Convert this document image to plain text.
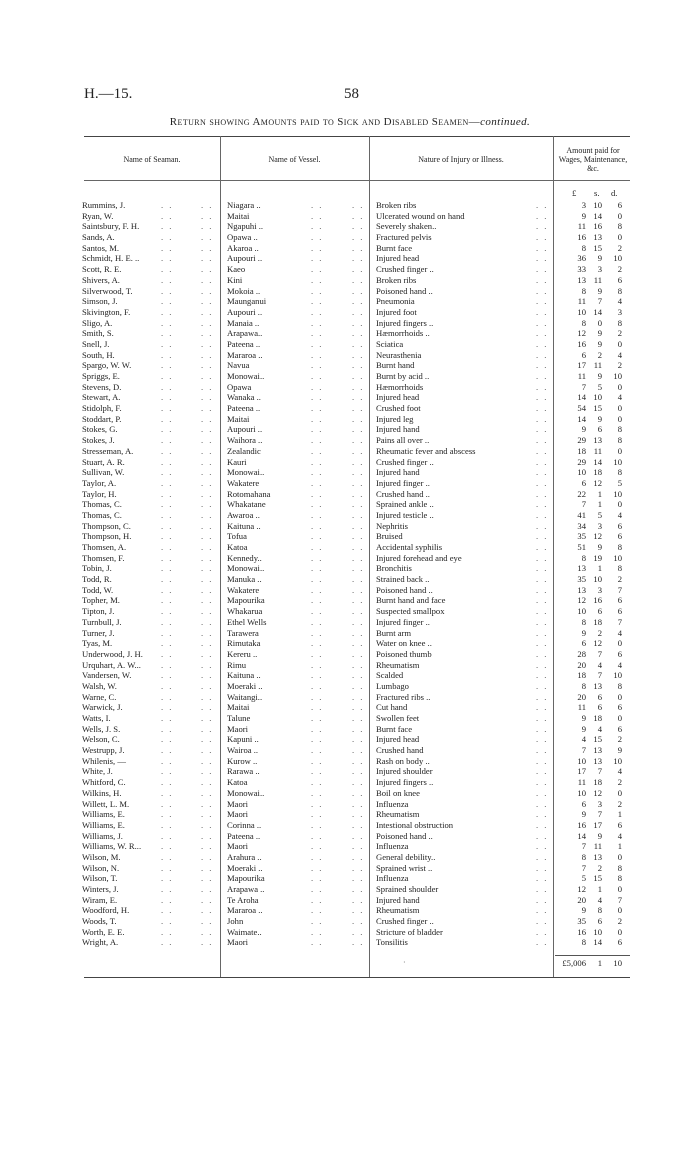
H.—15.	58
Return showing Amounts paid to Sick and Disabled Seamen—continued.
Name of Seaman.	Name of Vessel.	Nature of Injury or Illness.
Amount paid for Wages, Maintenance, &c.
£ s. d.
Rummins, J.	. .	. . Niagara ..	. .	. . Broken ribs	. .	3 10	6
Ryan, W.	. .	. . Maitai	. .	. . Ulcerated wound on hand	. .	9 14	0
Saintsbury, F. H.	. .	. . Ngapuhi ..	. .	. . Severely shaken..	. .	11 16	8
Sands, A.	. .	. . Opawa ..	. .	. . Fractured pelvis	. .	16 13	0
Santos, M.	. .	. . Akaroa ..	. .	. . Burnt face	. .	8 15	2
Schmidt, H. E. ..	. .	. . Aupouri ..	. .	. . Injured head	. .	36	9	10
Scott, R. E.	. .	. . Kaeo	. .	. . Crushed finger ..	. .	33	3	2
Shivers, A.	. .	. . Kini	. .	. . Broken ribs	. .	13 11	6
Silverwood, T.	. .	. . Mokoia ..	. .	. . Poisoned hand ..	. .	8	9	8
Simson, J.	. .	. . Maunganui	. .	. . Pneumonia	. .	11	7	4
Skivington, F.	. .	. . Aupouri ..	. .	. . Injured foot	. .	10 14	3
Sligo, A.	. .	. . Manaia ..	. .	. . Injured fingers ..	. .	8	0	8
Smith, S.	. .	. . Arapawa..	. .	. . Hæmorrhoids ..	. .	12	9	2
Snell, J.	. .	. . Pateena ..	. .	. . Sciatica	. .	16	9	0
South, H.	. .	. . Mararoa ..	. .	. . Neurasthenia	. .	6	2	4
Spargo, W. W.	. .	. . Navua	. .	. . Burnt hand	. .	17 11	2
Spriggs, E.	. .	. . Monowai..	. .	. . Burnt by acid ..	. .	11	9	10
Stevens, D.	. .	. . Opawa	. .	. . Hæmorrhoids	. .	7	5	0
Stewart, A.	. .	. . Wanaka ..	. .	. . Injured head	. .	14 10	4
Stidolph, F.	. .	. . Pateena ..	. .	. . Crushed foot	. .	54 15	0
Stoddart, P.	. .	. . Maitai	. .	. . Injured leg	. .	14	9	0
Stokes, G.	. .	. . Aupouri ..	. .	. . Injured hand	. .	9	6	8
Stokes, J.	. .	. . Waihora ..	. .	. . Pains all over ..	. .	29 13	8
Stresseman, A.	. .	. . Zealandic	. .	. . Rheumatic fever and abscess	. .	18 11	0
Stuart, A. R.	. .	. . Kauri	. .	. . Crushed finger ..	. .	29 14	10
Sullivan, W.	. .	. . Monowai..	. .	. . Injured hand	. .	10 18	8
Taylor, A.	. .	. . Wakatere	. .	. . Injured finger ..	. .	6 12	5
Taylor, H.	. .	. . Rotomahana	. .	. . Crushed hand ..	. .	22	1	10
Thomas, C.	. .	. . Whakatane	. .	. . Sprained ankle ..	. .	7	1	0
Thomas, C.	. .	. . Awaroa ..	. .	. . Injured testicle ..	. .	41	5	4
Thompson, C.	. .	. . Kaituna ..	. .	. . Nephritis	. .	34	3	6
Thompson, H.	. .	. . Tofua	. .	. . Bruised	. .	35 12	6
Thomsen, A.	. .	. . Katoa	. .	. . Accidental syphilis	. .	51	9	8
Thomsen, F.	. .	. . Kennedy..	. .	. . Injured forehead and eye	. .	8 19	10
Tobin, J.	. .	. . Monowai..	. .	. . Bronchitis	. .	13	1	8
Todd, R.	. .	. . Manuka ..	. .	. . Strained back ..	. .	35 10	2
Todd, W.	. .	. . Wakatere	. .	. . Poisoned hand ..	. .	13	3	7
Topher, M.	. .	. . Mapourika	. .	. . Burnt hand and face	. .	12 16	6
Tipton, J.	. .	. . Whakarua	. .	. . Suspected smallpox	. .	10	6	6
Turnbull, J.	. .	. . Ethel Wells	. .	. . Injured finger ..	. .	8 18	7
Turner, J.	. .	. . Tarawera	. .	. . Burnt arm	. .	9	2	4
Tyas, M.	. .	. . Rimutaka	. .	. . Water on knee ..	. .	6 12	0
Underwood, J. H. . .	. . Kereru ..	. .	. . Poisoned thumb	. .	28	7	6
Urquhart, A. W... . .	. . Rimu	. .	. . Rheumatism	. .	20	4	4
Vandersen, W.	. .	. . Kaituna ..	. .	. . Scalded	. .	18	7	10
Walsh, W.	. .	. . Moeraki ..	. .	. . Lumbago	. .	8 13	8
Warne, C.	. .	. . Waitangi..	. .	. . Fractured ribs ..	. .	20	6	0
Warwick, J.	. .	. . Maitai	. .	. . Cut hand	. .	11	6	6
Watts, I.	. .	. . Talune	. .	. . Swollen feet	. .	9 18	0
Wells, J. S.	. .	. . Maori	. .	. . Burnt face	. .	9	4	6
Welson, C.	. .	. . Kapuni ..	. .	. . Injured head	. .	4 15	2
Westrupp, J.	. .	. . Wairoa ..	. .	. . Crushed hand	. .	7 13	9
Whilenis, —	. .	. . Kurow ..	. .	. . Rash on body ..	. .	10 13	10
White, J.	. .	. . Rarawa ..	. .	. . Injured shoulder	. .	17	7	4
Whitford, C.	. .	. . Katoa	. .	. . Injured fingers ..	. .	11 18	2
Wilkins, H.	. .	. . Monowai..	. .	. . Boil on knee	. .	10 12	0
Willett, L. M.	. .	. . Maori	. .	. . Influenza	. .	6	3	2
Williams, E.	. .	. . Maori	. .	. . Rheumatism	. .	9	7	1
Williams, E.	. .	. . Corinna ..	. .	. . Intestional obstruction	. .	16 17	6
Williams, J.	. .	. . Pateena ..	. .	. . Poisoned hand ..	. .	14	9	4
Williams, W. R... . .	. . Maori	. .	. . Influenza	. .	7 11	1
Wilson, M.	. .	. . Arahura ..	. .	. . General debility..	. .	8 13	0
Wilson, N.	. .	. . Moeraki ..	. .	. . Sprained wrist ..	. .	7	2	8
Wilson, T.	. .	. . Mapourika	. .	. . Influenza	. .	5 15	8
Winters, J.	. .	. . Arapawa ..	. .	. . Sprained shoulder	. .	12	1	0
Wiram, E.	. .	. . Te Aroha	. .	. . Injured hand	. .	20	4	7
Woodford, H.	. .	. . Mararoa ..	. .	. . Rheumatism	. .	9	8	0
Woods, T.	. .	. . John	. .	. . Crushed finger ..	. .	35	6	2
Worth, E. E.	. .	. . Waimate..	. .	. . Stricture of bladder	. .	16 10	0
Wright, A.	. .	. . Maori	. .	. . Tonsilitis	. .	8 14	6
·	£5,006	1	10
